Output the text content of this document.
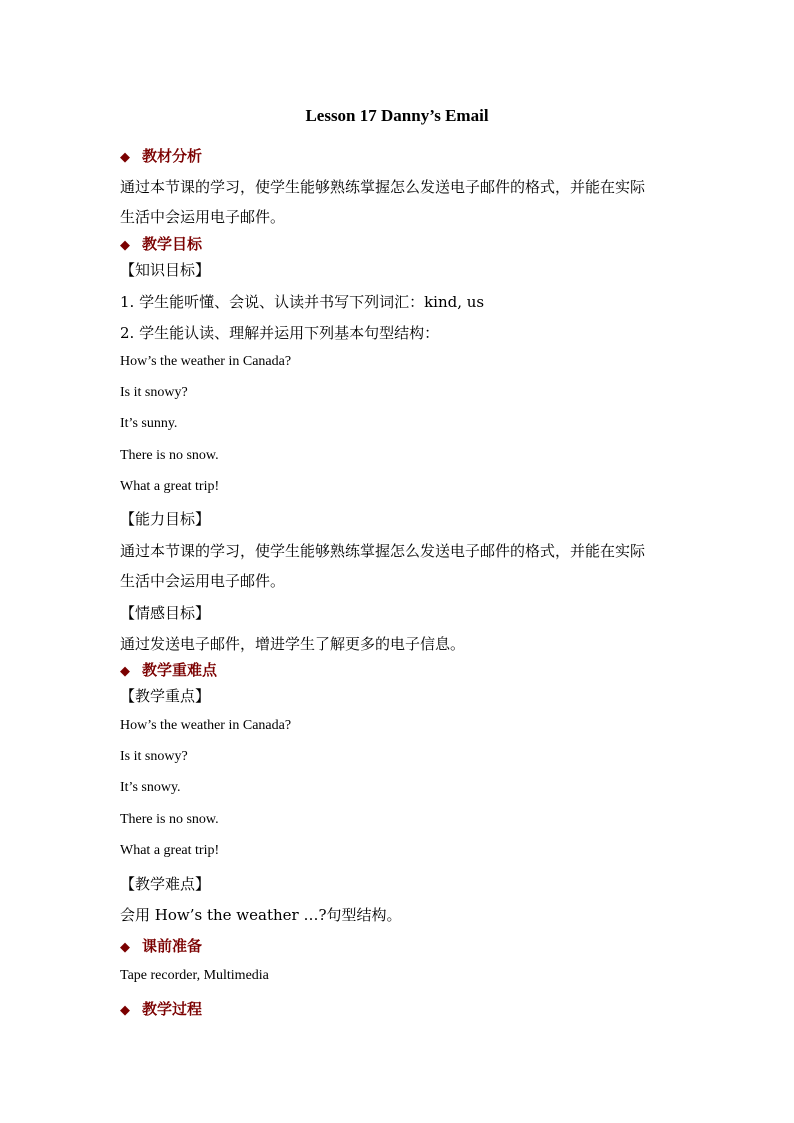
Lesson 17 Danny’s Email
◆ 教材分析
通过本节课的学习，使学生能够熟练掌握怎么发送电子邮件的格式，并能在实际
生活中会运用电子邮件。
◆ 教学目标
【知识目标】
1. 学生能听懂、会说、认读并书写下列词汇：kind, us
2. 学生能认读、理解并运用下列基本句型结构：
How’s the weather in Canada?
Is it snowy?
It’s sunny.
There is no snow.
What a great trip!
【能力目标】
通过本节课的学习，使学生能够熟练掌握怎么发送电子邮件的格式，并能在实际
生活中会运用电子邮件。
【情感目标】
通过发送电子邮件，增进学生了解更多的电子信息。
◆ 教学重难点
【教学重点】
How’s the weather in Canada?
Is it snowy?
It’s snowy.
There is no snow.
What a great trip!
【教学难点】
会用 How’s the weather …?句型结构。
◆ 课前准备
Tape recorder, Multimedia
◆ 教学过程
